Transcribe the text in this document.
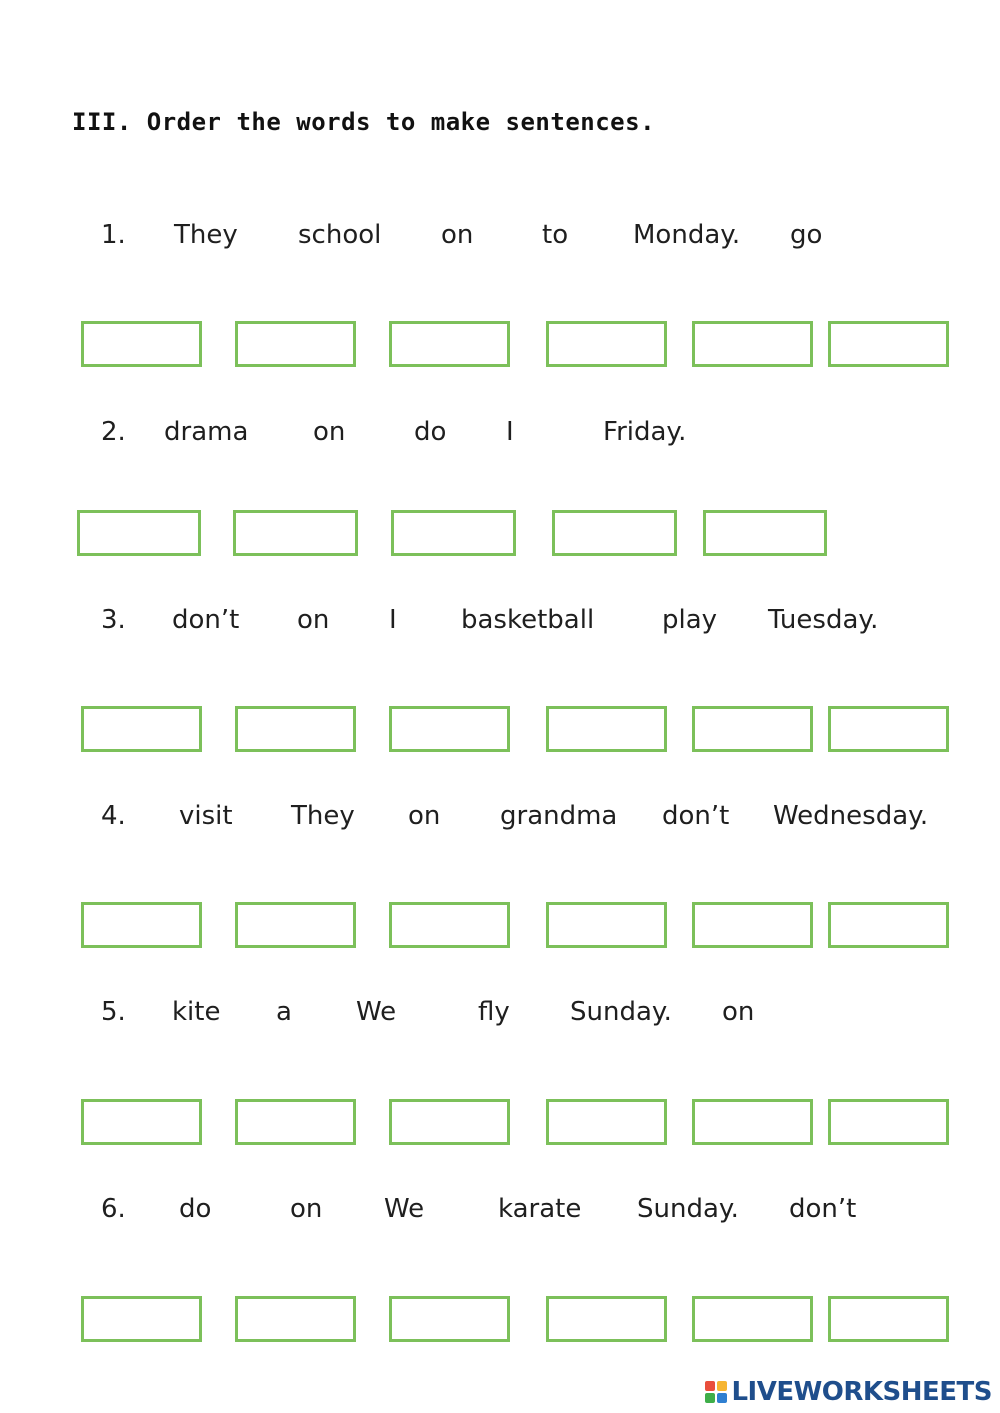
III. Order the words to make sentences.
1. They school on	to Monday. go
2. drama on	do I	Friday.
3. don’t on I basketball	play Tuesday.
4. visit They on grandma don’t Wednesday.
5. kite a We	fly Sunday. on
6. do	on We	karate Sunday. don’t
LIVEWORKSHEETS
